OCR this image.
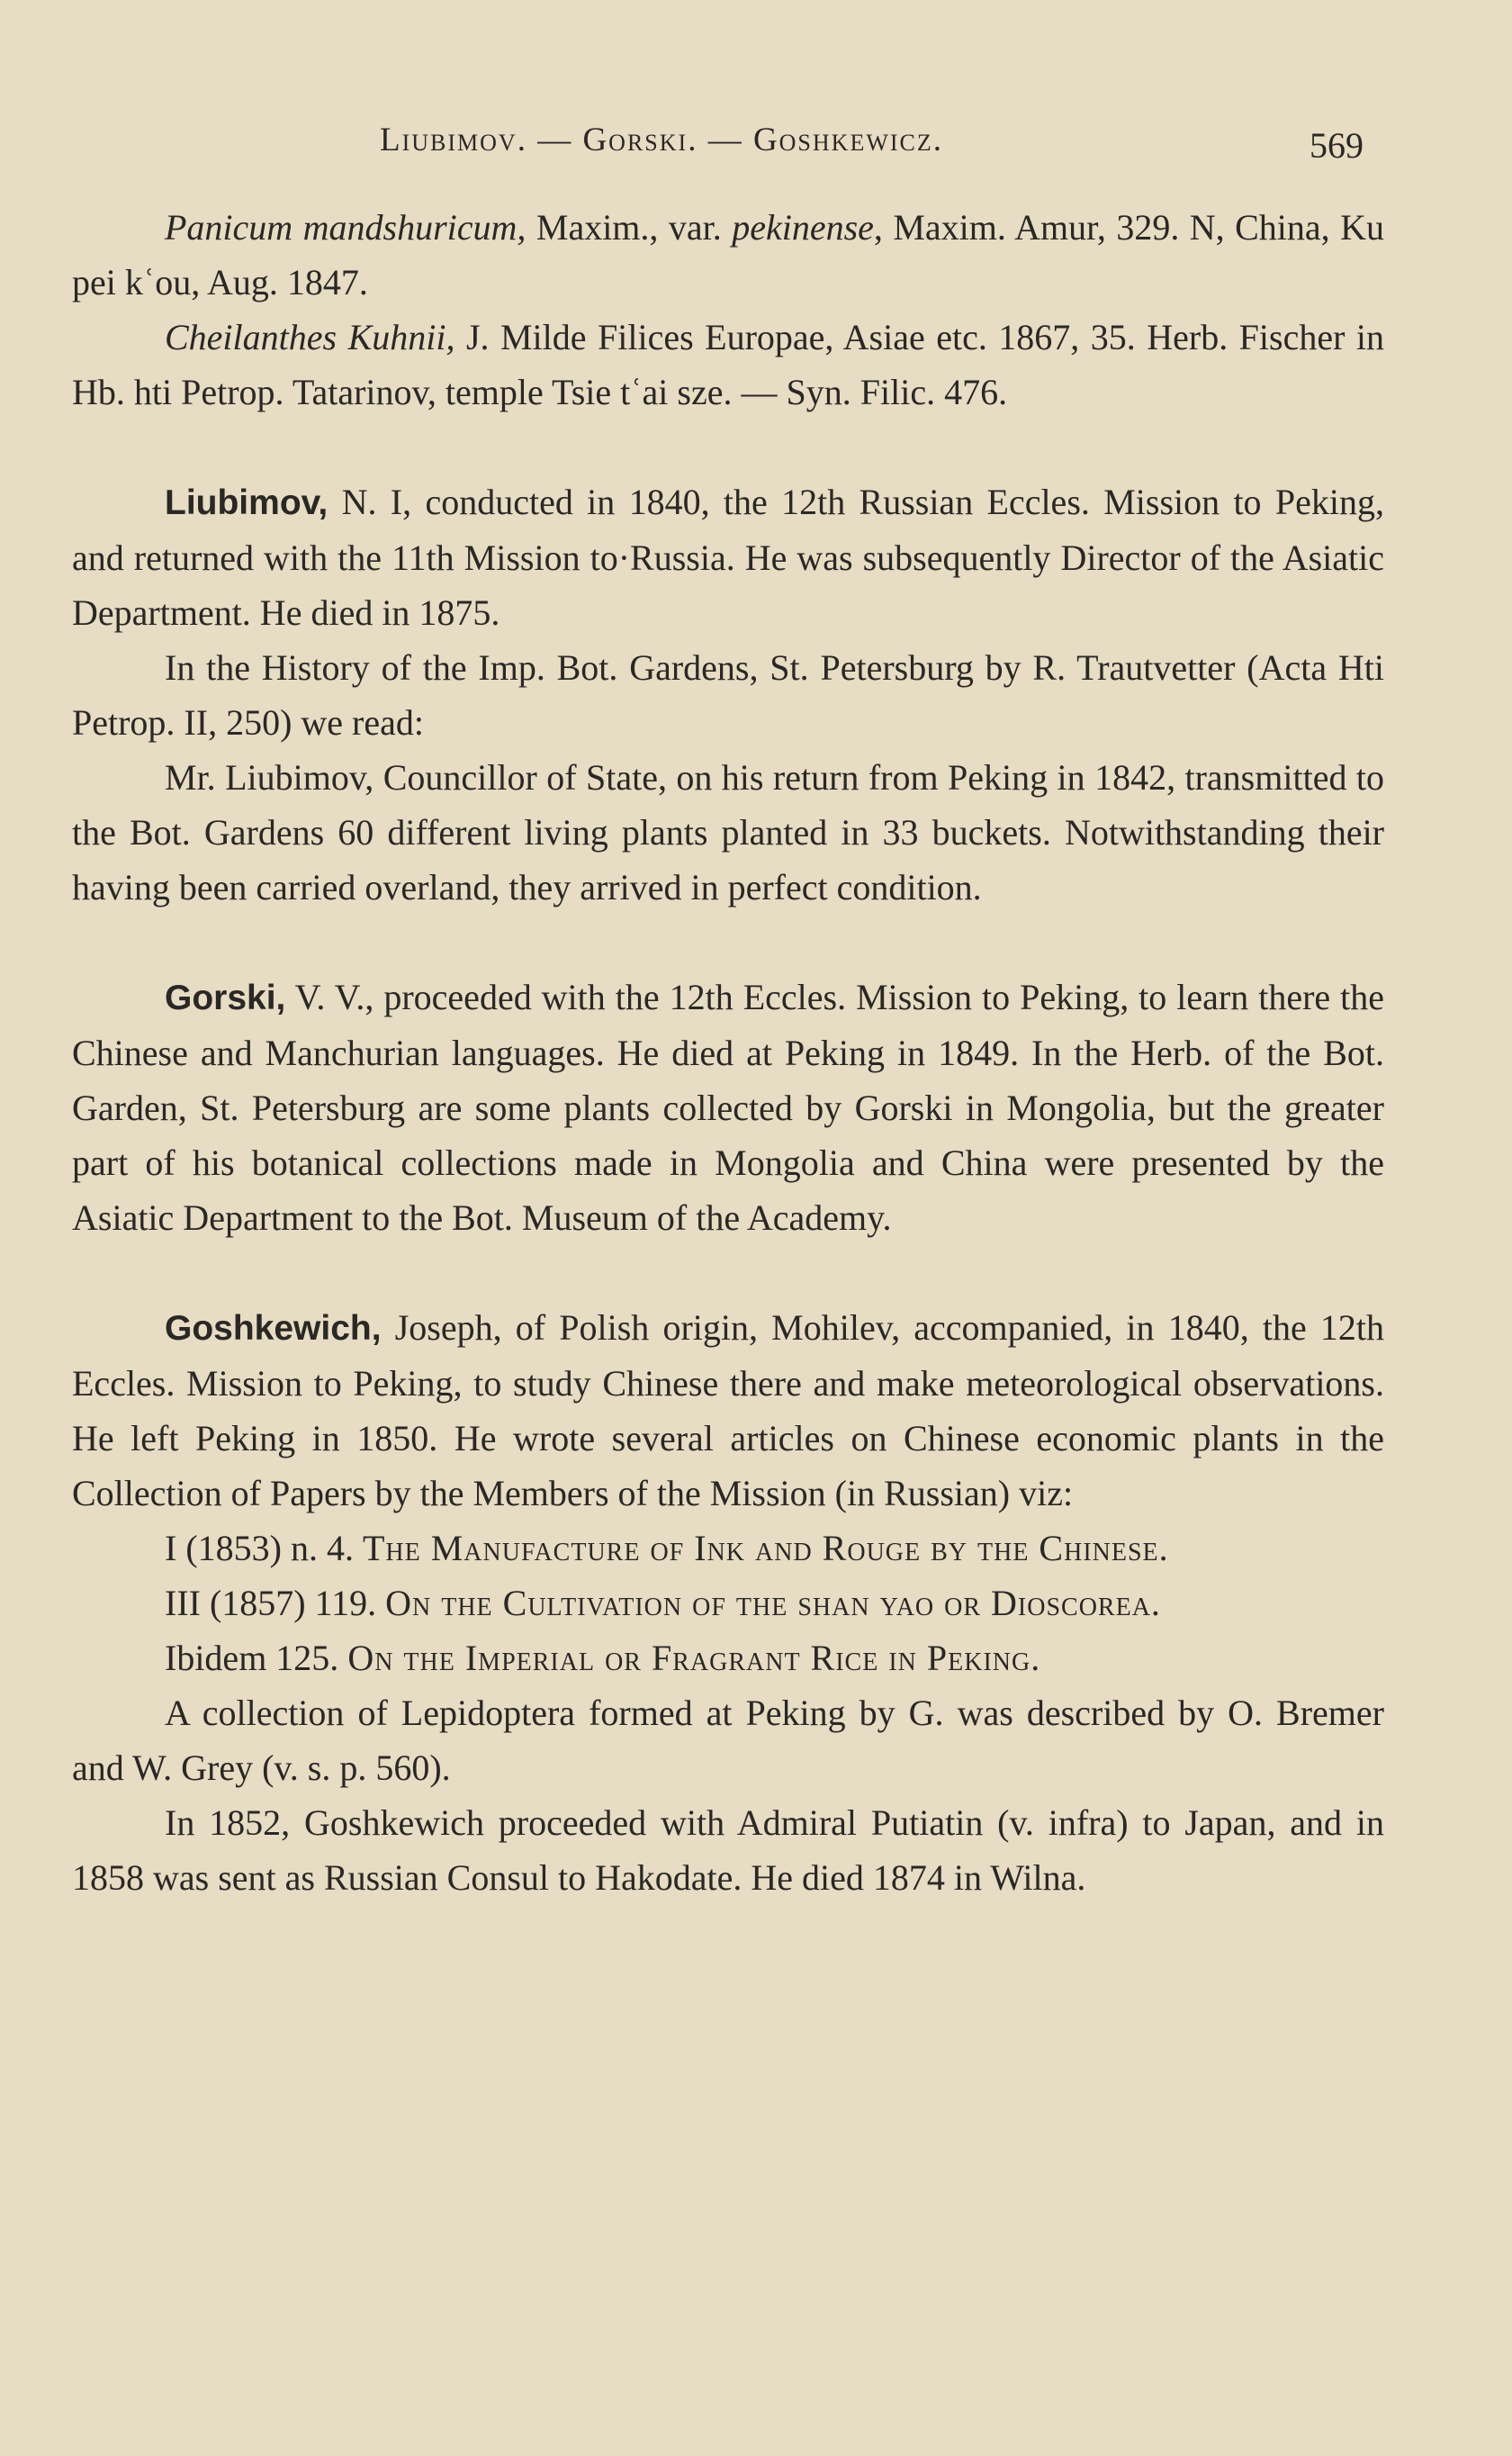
Liubimov. — Gorski. — Goshkewicz.	569

Panicum mandshuricum, Maxim., var. pekinense, Maxim. Amur, 329. N, China, Ku pei kʿou, Aug. 1847.

Cheilanthes Kuhnii, J. Milde Filices Europae, Asiae etc. 1867, 35. Herb. Fischer in Hb. hti Petrop. Tatarinov, temple Tsie tʿai sze. — Syn. Filic. 476.

Liubimov, N. I, conducted in 1840, the 12th Russian Eccles. Mission to Peking, and returned with the 11th Mission to·Russia. He was subsequently Director of the Asiatic Department. He died in 1875.

In the History of the Imp. Bot. Gardens, St. Petersburg by R. Trautvetter (Acta Hti Petrop. II, 250) we read:

Mr. Liubimov, Councillor of State, on his return from Peking in 1842, transmitted to the Bot. Gardens 60 different living plants planted in 33 buckets. Notwithstanding their having been carried overland, they arrived in perfect condition.

Gorski, V. V., proceeded with the 12th Eccles. Mission to Peking, to learn there the Chinese and Manchurian languages. He died at Peking in 1849. In the Herb. of the Bot. Garden, St. Petersburg are some plants collected by Gorski in Mongolia, but the greater part of his botanical collections made in Mongolia and China were presented by the Asiatic Department to the Bot. Museum of the Academy.

Goshkewich, Joseph, of Polish origin, Mohilev, accompanied, in 1840, the 12th Eccles. Mission to Peking, to study Chinese there and make meteorological observations. He left Peking in 1850. He wrote several articles on Chinese economic plants in the Collection of Papers by the Members of the Mission (in Russian) viz:

I (1853) n. 4. The Manufacture of Ink and Rouge by the Chinese.

III (1857) 119. On the Cultivation of the shan yao or Dioscorea.

Ibidem 125. On the Imperial or Fragrant Rice in Peking.

A collection of Lepidoptera formed at Peking by G. was described by O. Bremer and W. Grey (v. s. p. 560).

In 1852, Goshkewich proceeded with Admiral Putiatin (v. infra) to Japan, and in 1858 was sent as Russian Consul to Hakodate. He died 1874 in Wilna.
